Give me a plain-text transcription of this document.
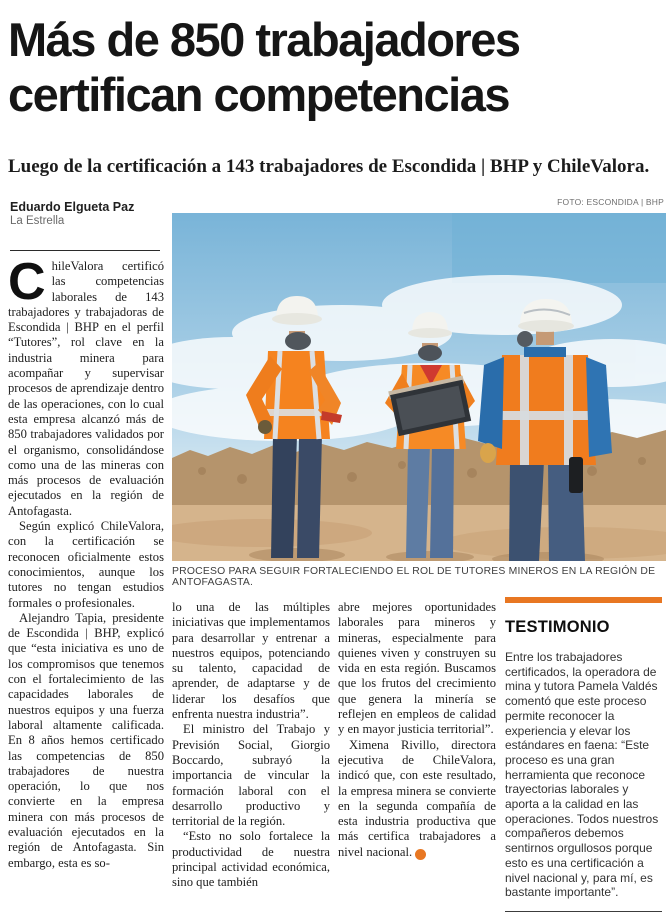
Más de 850 trabajadores
certifican competencias
Luego de la certificación a 143 trabajadores de Escondida | BHP y ChileValora.
FOTO: ESCONDIDA | BHP
Eduardo Elgueta Paz
La Estrella

ChileValora certificó las competencias laborales de 143 trabajadores y trabajadoras de Escondida | BHP en el perfil “Tutores”, rol clave en la industria minera para acompañar y supervisar procesos de aprendizaje dentro de las operaciones, con lo cual esta empresa alcanzó más de 850 trabajadores validados por el organismo, consolidándose como una de las mineras con más procesos de evaluación ejecutados en la región de Antofagasta.

Según explicó ChileValora, con la certificación se reconocen oficialmente estos conocimientos, aunque los tutores no tengan estudios formales o profesionales.

Alejandro Tapia, presidente de Escondida | BHP, explicó que “esta iniciativa es uno de los compromisos que tenemos con el fortalecimiento de las capacidades laborales de nuestros equipos y una fuerza laboral altamente calificada. En 8 años hemos certificado las competencias de 850 trabajadores de nuestra operación, lo que nos convierte en la empresa minera con más procesos de evaluación ejecutados en la región de Antofagasta. Sin embargo, esta es so-

PROCESO PARA SEGUIR FORTALECIENDO EL ROL DE TUTORES MINEROS EN LA REGIÓN DE ANTOFAGASTA.

lo una de las múltiples iniciativas que implementamos para desarrollar y entrenar a nuestros equipos, potenciando su talento, capacidad de aprender, de adaptarse y de liderar los desafíos que enfrenta nuestra industria”.

El ministro del Trabajo y Previsión Social, Giorgio Boccardo, subrayó la importancia de vincular la formación laboral con el desarrollo productivo y territorial de la región.

“Esto no solo fortalece la productividad de nuestra principal actividad económica, sino que también

abre mejores oportunidades laborales para mineros y mineras, especialmente para quienes viven y construyen su vida en esta región. Buscamos que los frutos del crecimiento que genera la minería se reflejen en empleos de calidad y en mayor justicia territorial”.

Ximena Rivillo, directora ejecutiva de ChileValora, indicó que, con este resultado, la empresa minera se convierte en la segunda compañía de esta industria productiva que más certifica trabajadores a nivel nacional. ✱

TESTIMONIO
Entre los trabajadores certificados, la operadora de mina y tutora Pamela Valdés comentó que este proceso permite reconocer la experiencia y elevar los estándares en faena: “Este proceso es una gran herramienta que reconoce trayectorias laborales y aporta a la calidad en las operaciones. Todos nuestros compañeros debemos sentirnos orgullosos porque esto es una certificación a nivel nacional y, para mí, es bastante importante”.
